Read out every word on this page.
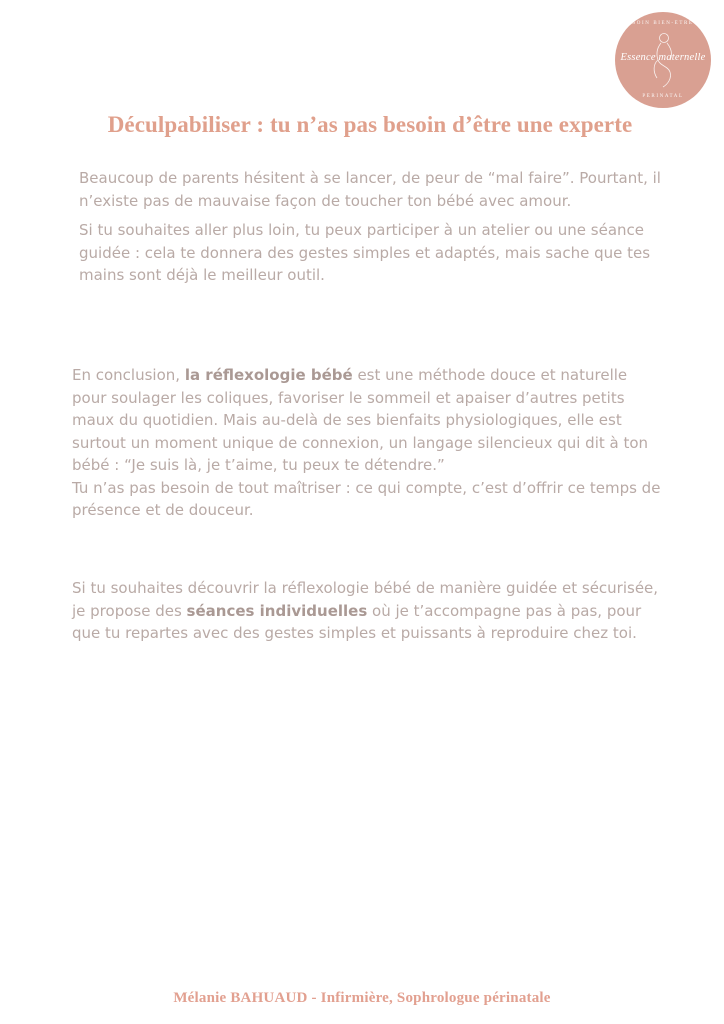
SOIN BIEN-ÊTRE
Essence maternelle
PÉRINATAL
Déculpabiliser : tu n’as pas besoin d’être une experte

Beaucoup de parents hésitent à se lancer, de peur de “mal faire”. Pourtant, il n’existe pas de mauvaise façon de toucher ton bébé avec amour.

Si tu souhaites aller plus loin, tu peux participer à un atelier ou une séance guidée : cela te donnera des gestes simples et adaptés, mais sache que tes mains sont déjà le meilleur outil.

En conclusion, la réflexologie bébé est une méthode douce et naturelle pour soulager les coliques, favoriser le sommeil et apaiser d’autres petits maux du quotidien. Mais au-delà de ses bienfaits physiologiques, elle est surtout un moment unique de connexion, un langage silencieux qui dit à ton bébé : “Je suis là, je t’aime, tu peux te détendre.”

Tu n’as pas besoin de tout maîtriser : ce qui compte, c’est d’offrir ce temps de présence et de douceur.

Si tu souhaites découvrir la réflexologie bébé de manière guidée et sécurisée, je propose des séances individuelles où je t’accompagne pas à pas, pour que tu repartes avec des gestes simples et puissants à reproduire chez toi.

Mélanie BAHUAUD - Infirmière, Sophrologue périnatale
